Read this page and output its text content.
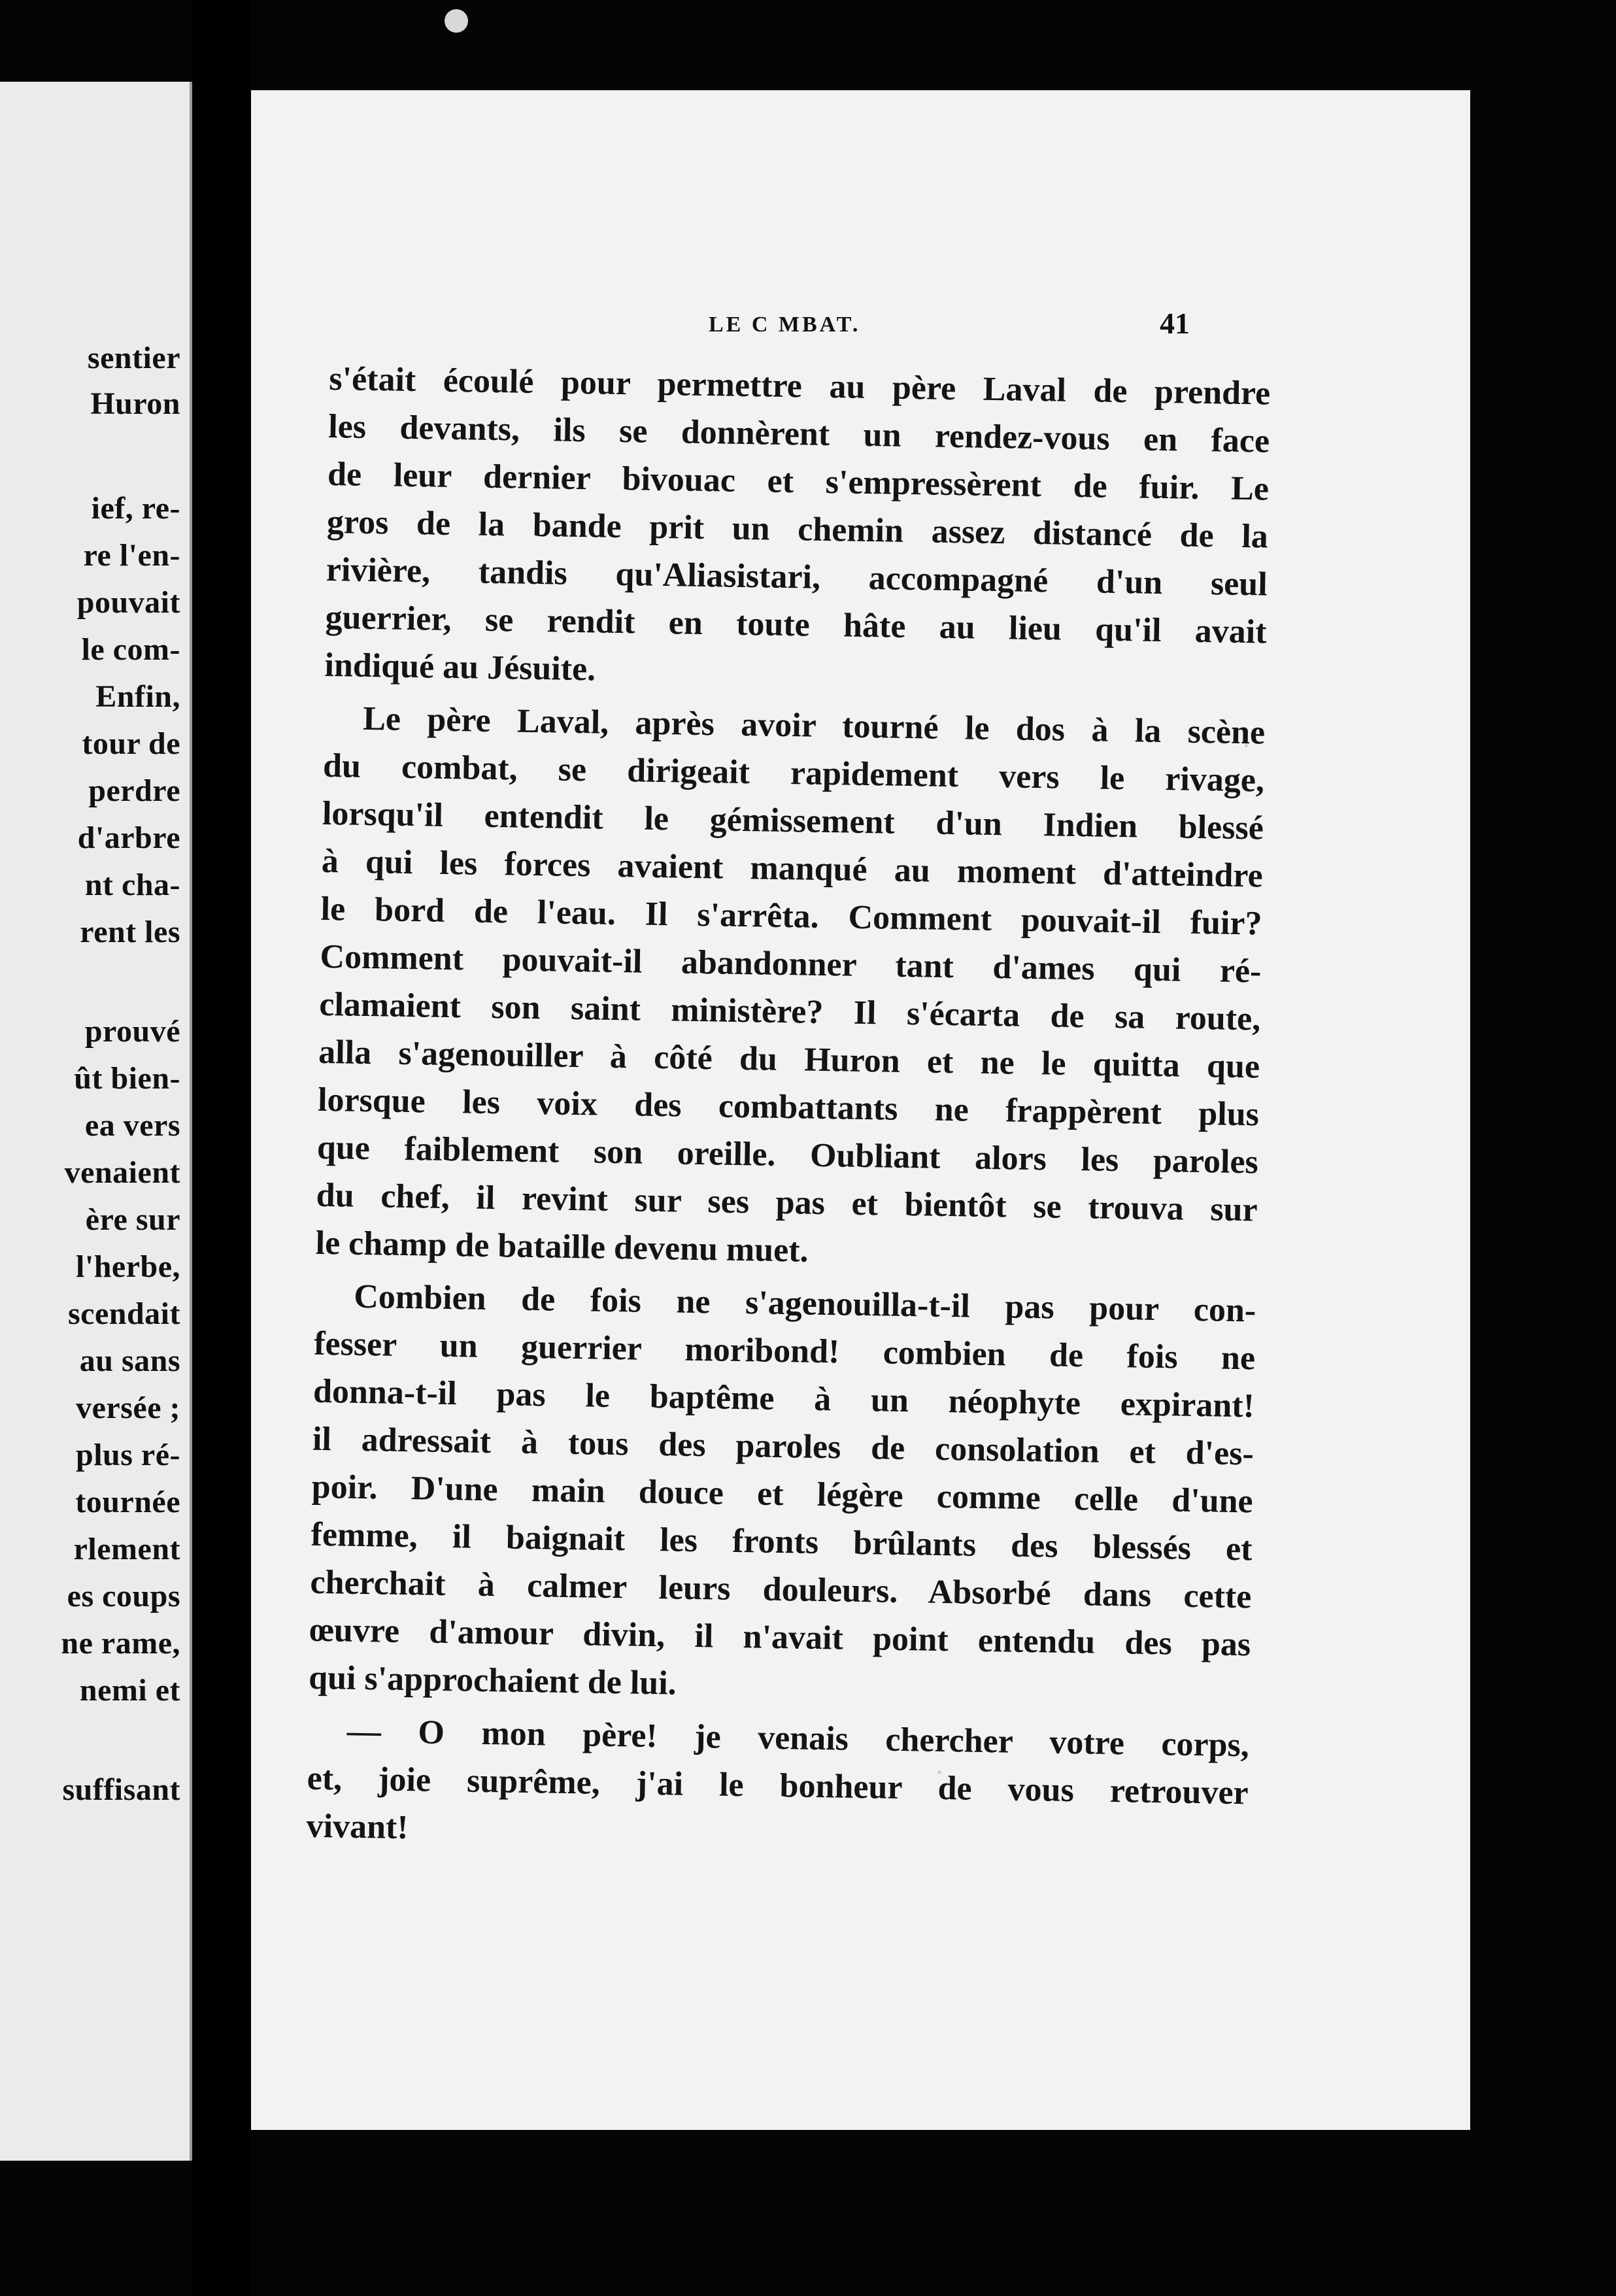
sentier
Huron
ief, re-
re l'en-
pouvait
le com-
Enfin,
tour de
perdre
d'arbre
nt cha-
rent les
prouvé
ût bien-
ea vers
venaient
ère sur
l'herbe,
scendait
au sans
versée ;
plus ré-
tournée
rlement
es coups
ne rame,
nemi et
suffisant
LE C MBAT.	41
s'était écoulé pour permettre au père Laval de prendre
les devants, ils se donnèrent un rendez-vous en face
de leur dernier bivouac et s'empressèrent de fuir. Le
gros de la bande prit un chemin assez distancé de la
rivière, tandis qu'Aliasistari, accompagné d'un seul
guerrier, se rendit en toute hâte au lieu qu'il avait
indiqué au Jésuite.
Le père Laval, après avoir tourné le dos à la scène
du combat, se dirigeait rapidement vers le rivage,
lorsqu'il entendit le gémissement d'un Indien blessé
à qui les forces avaient manqué au moment d'atteindre
le bord de l'eau. Il s'arrêta. Comment pouvait-il fuir?
Comment pouvait-il abandonner tant d'ames qui ré-
clamaient son saint ministère? Il s'écarta de sa route,
alla s'agenouiller à côté du Huron et ne le quitta que
lorsque les voix des combattants ne frappèrent plus
que faiblement son oreille. Oubliant alors les paroles
du chef, il revint sur ses pas et bientôt se trouva sur
le champ de bataille devenu muet.
Combien de fois ne s'agenouilla-t-il pas pour con-
fesser un guerrier moribond! combien de fois ne
donna-t-il pas le baptême à un néophyte expirant!
il adressait à tous des paroles de consolation et d'es-
poir. D'une main douce et légère comme celle d'une
femme, il baignait les fronts brûlants des blessés et
cherchait à calmer leurs douleurs. Absorbé dans cette
œuvre d'amour divin, il n'avait point entendu des pas
qui s'approchaient de lui.
— O mon père! je venais chercher votre corps,
et, joie suprême, j'ai le bonheur de vous retrouver
vivant!
